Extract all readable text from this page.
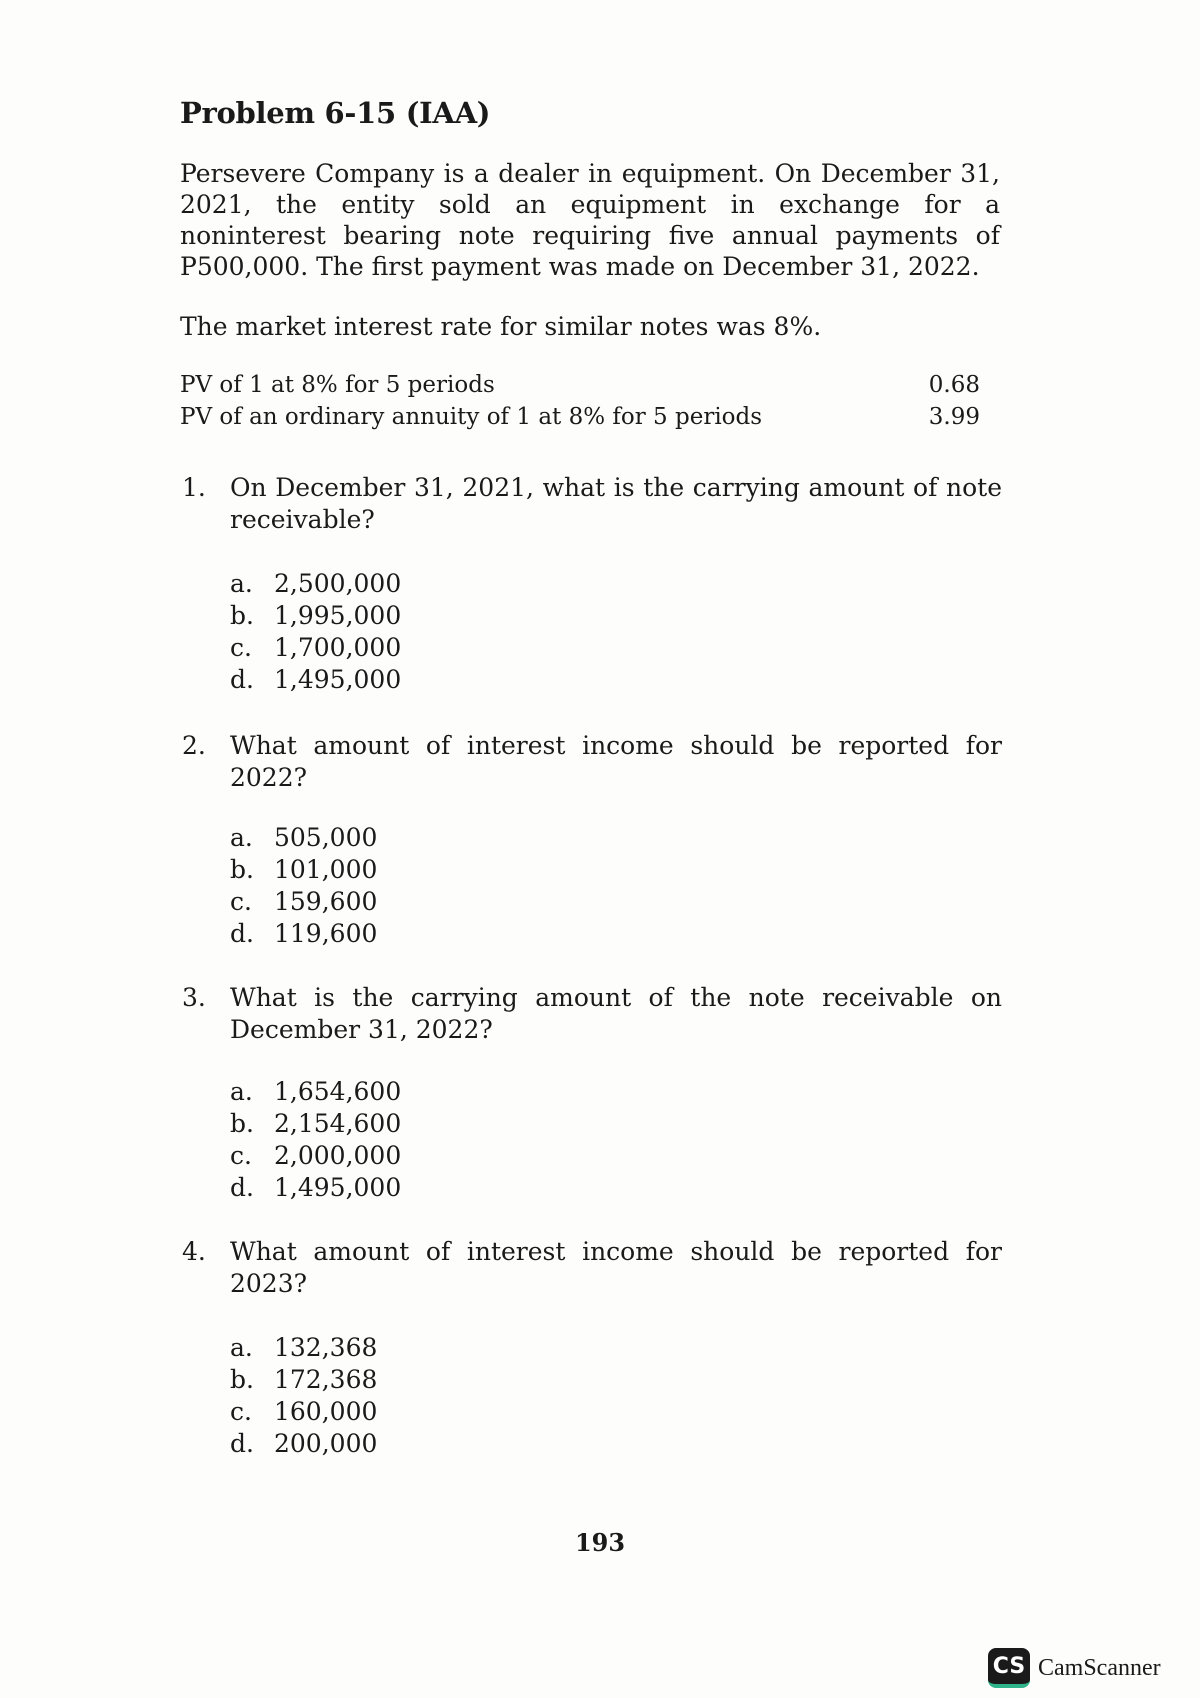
Problem 6-15 (IAA)
Persevere Company is a dealer in equipment. On December 31, 2021, the entity sold an equipment in exchange for a noninterest bearing note requiring five annual payments of P500,000. The first payment was made on December 31, 2022.
The market interest rate for similar notes was 8%.
PV of 1 at 8% for 5 periods	0.68
PV of an ordinary annuity of 1 at 8% for 5 periods	3.99
1. On December 31, 2021, what is the carrying amount of note receivable?
a. 2,500,000
b. 1,995,000
c. 1,700,000
d. 1,495,000
2. What amount of interest income should be reported for 2022?
a. 505,000
b. 101,000
c. 159,600
d. 119,600
3. What is the carrying amount of the note receivable on December 31, 2022?
a. 1,654,600
b. 2,154,600
c. 2,000,000
d. 1,495,000
4. What amount of interest income should be reported for 2023?
a. 132,368
b. 172,368
c. 160,000
d. 200,000
193
CS CamScanner
